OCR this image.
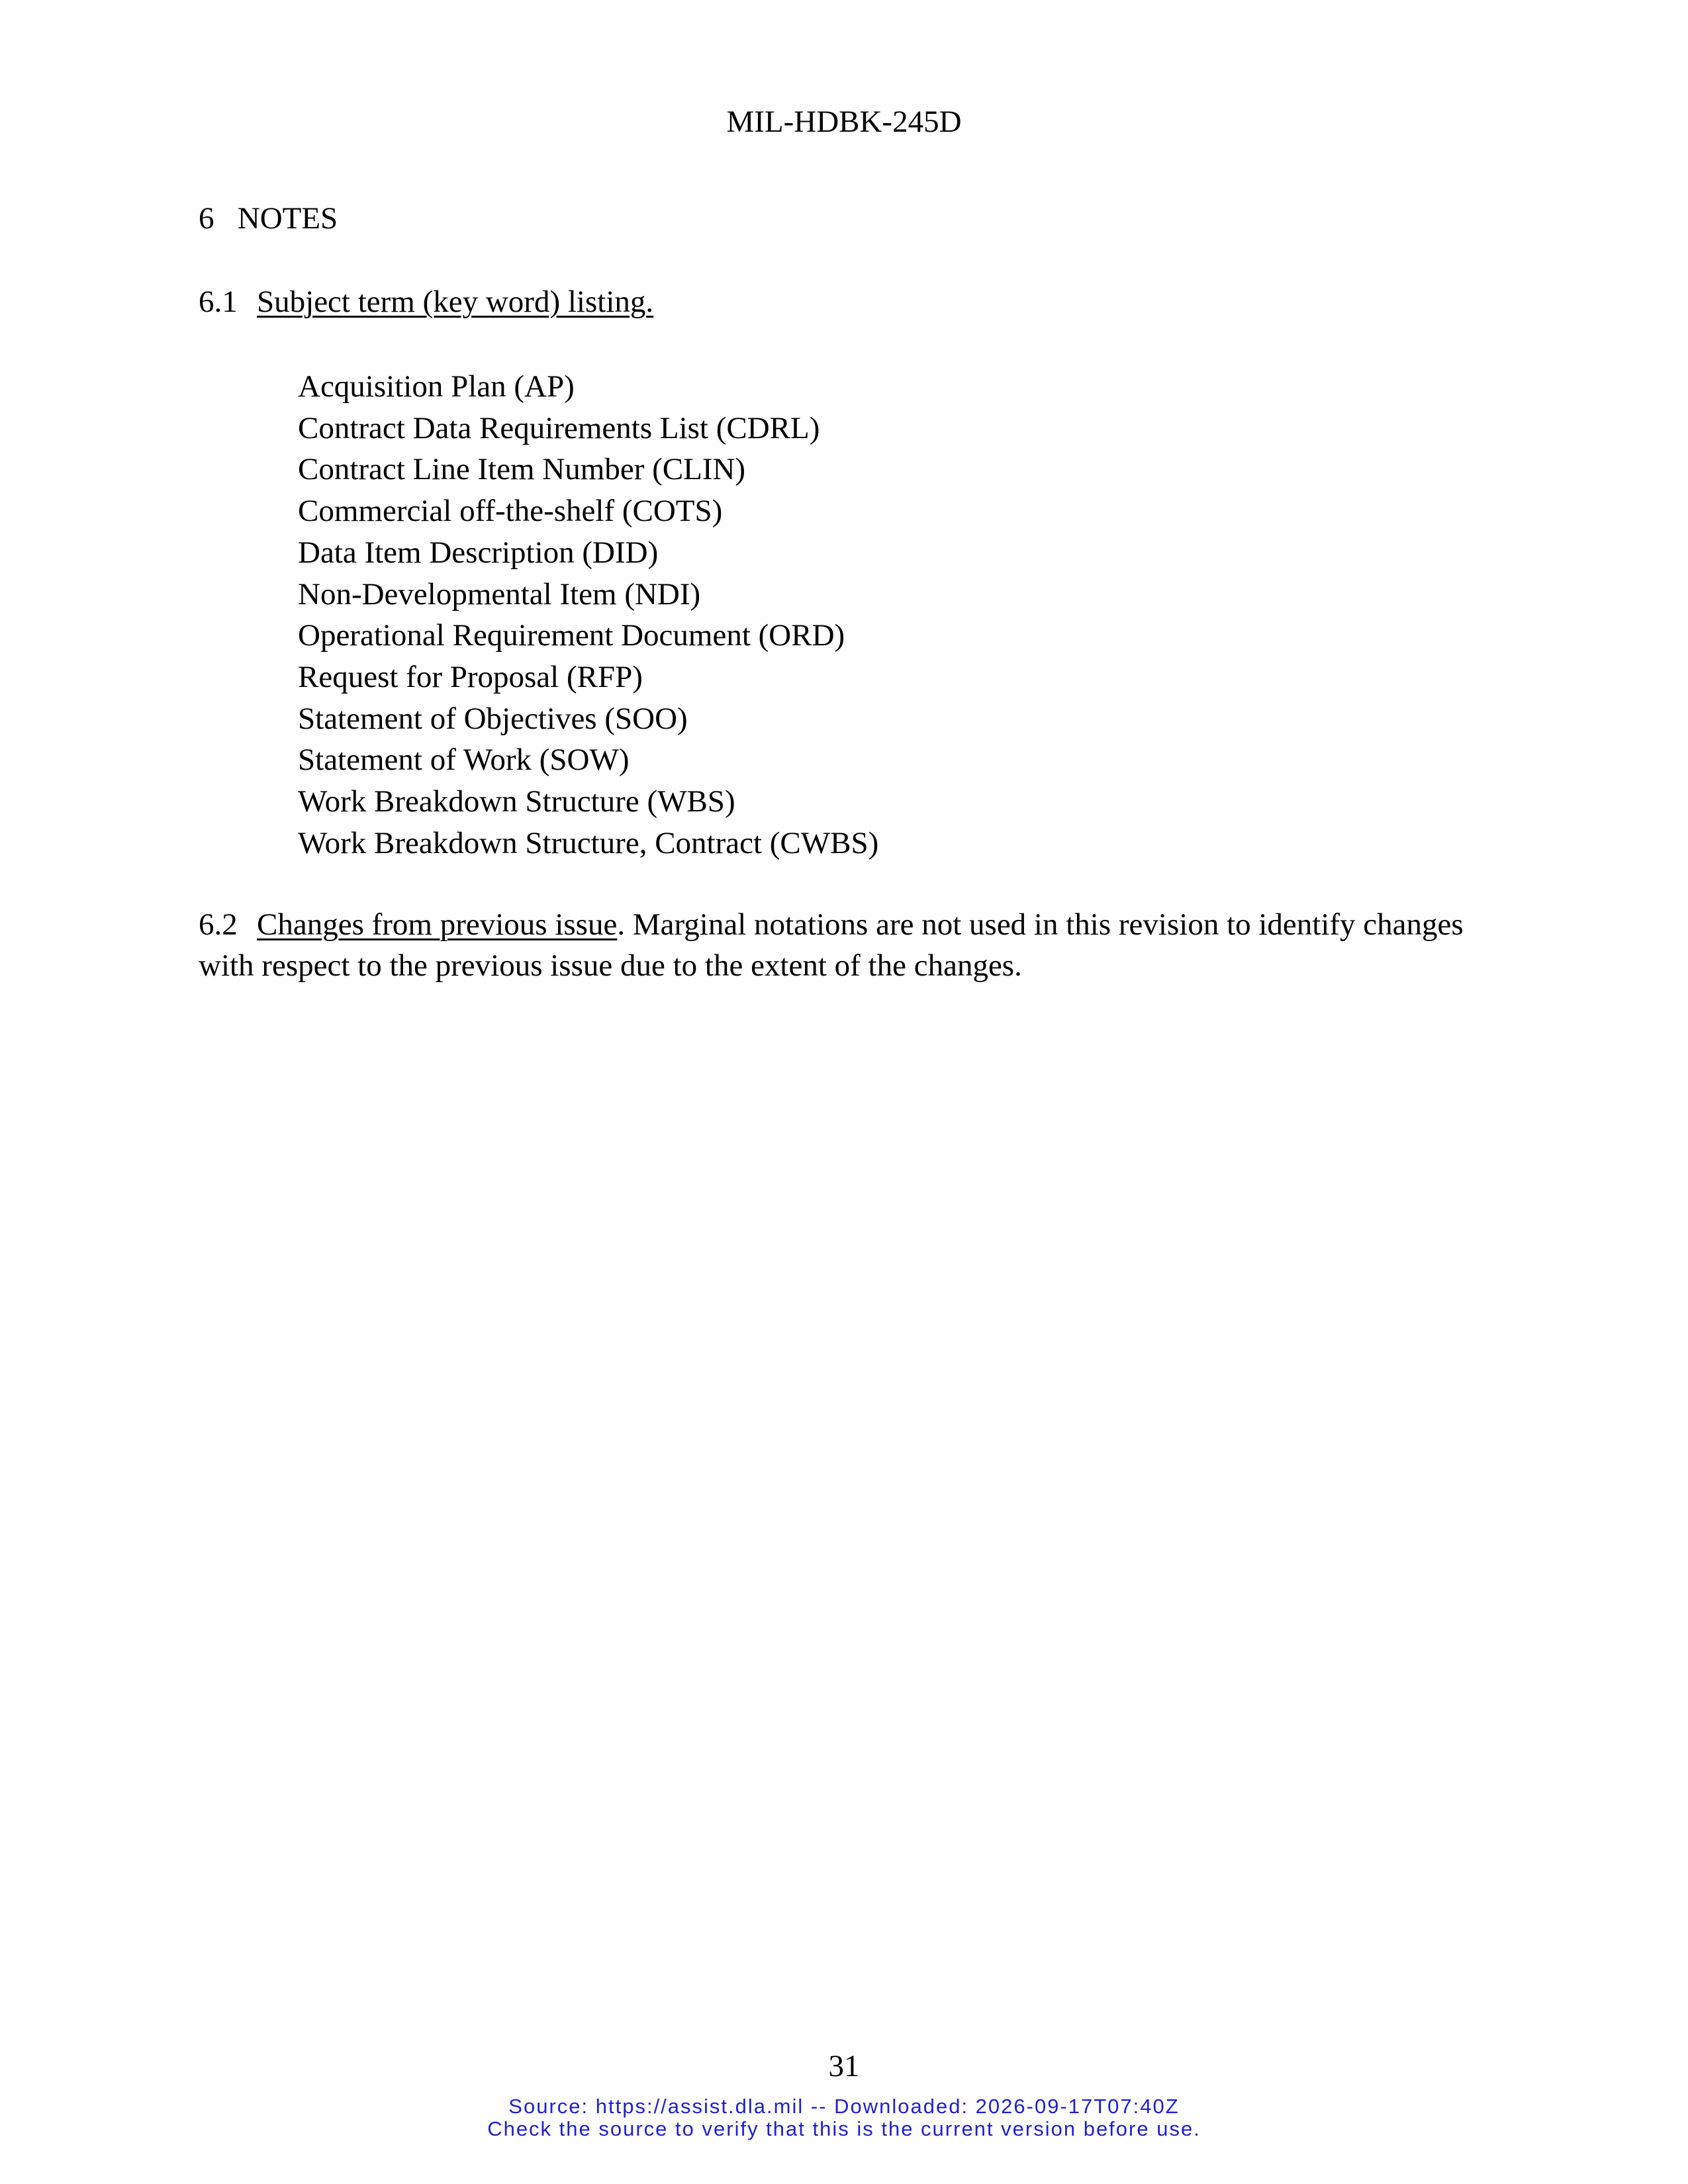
MIL-HDBK-245D
6 NOTES
6.1 Subject term (key word) listing.
Acquisition Plan (AP)
Contract Data Requirements List (CDRL)
Contract Line Item Number (CLIN)
Commercial off-the-shelf (COTS)
Data Item Description (DID)
Non-Developmental Item (NDI)
Operational Requirement Document (ORD)
Request for Proposal (RFP)
Statement of Objectives (SOO)
Statement of Work (SOW)
Work Breakdown Structure (WBS)
Work Breakdown Structure, Contract (CWBS)

6.2 Changes from previous issue. Marginal notations are not used in this revision to identify changes with respect to the previous issue due to the extent of the changes.

31
Source: https://assist.dla.mil -- Downloaded: 2026-09-17T07:40Z
Check the source to verify that this is the current version before use.
